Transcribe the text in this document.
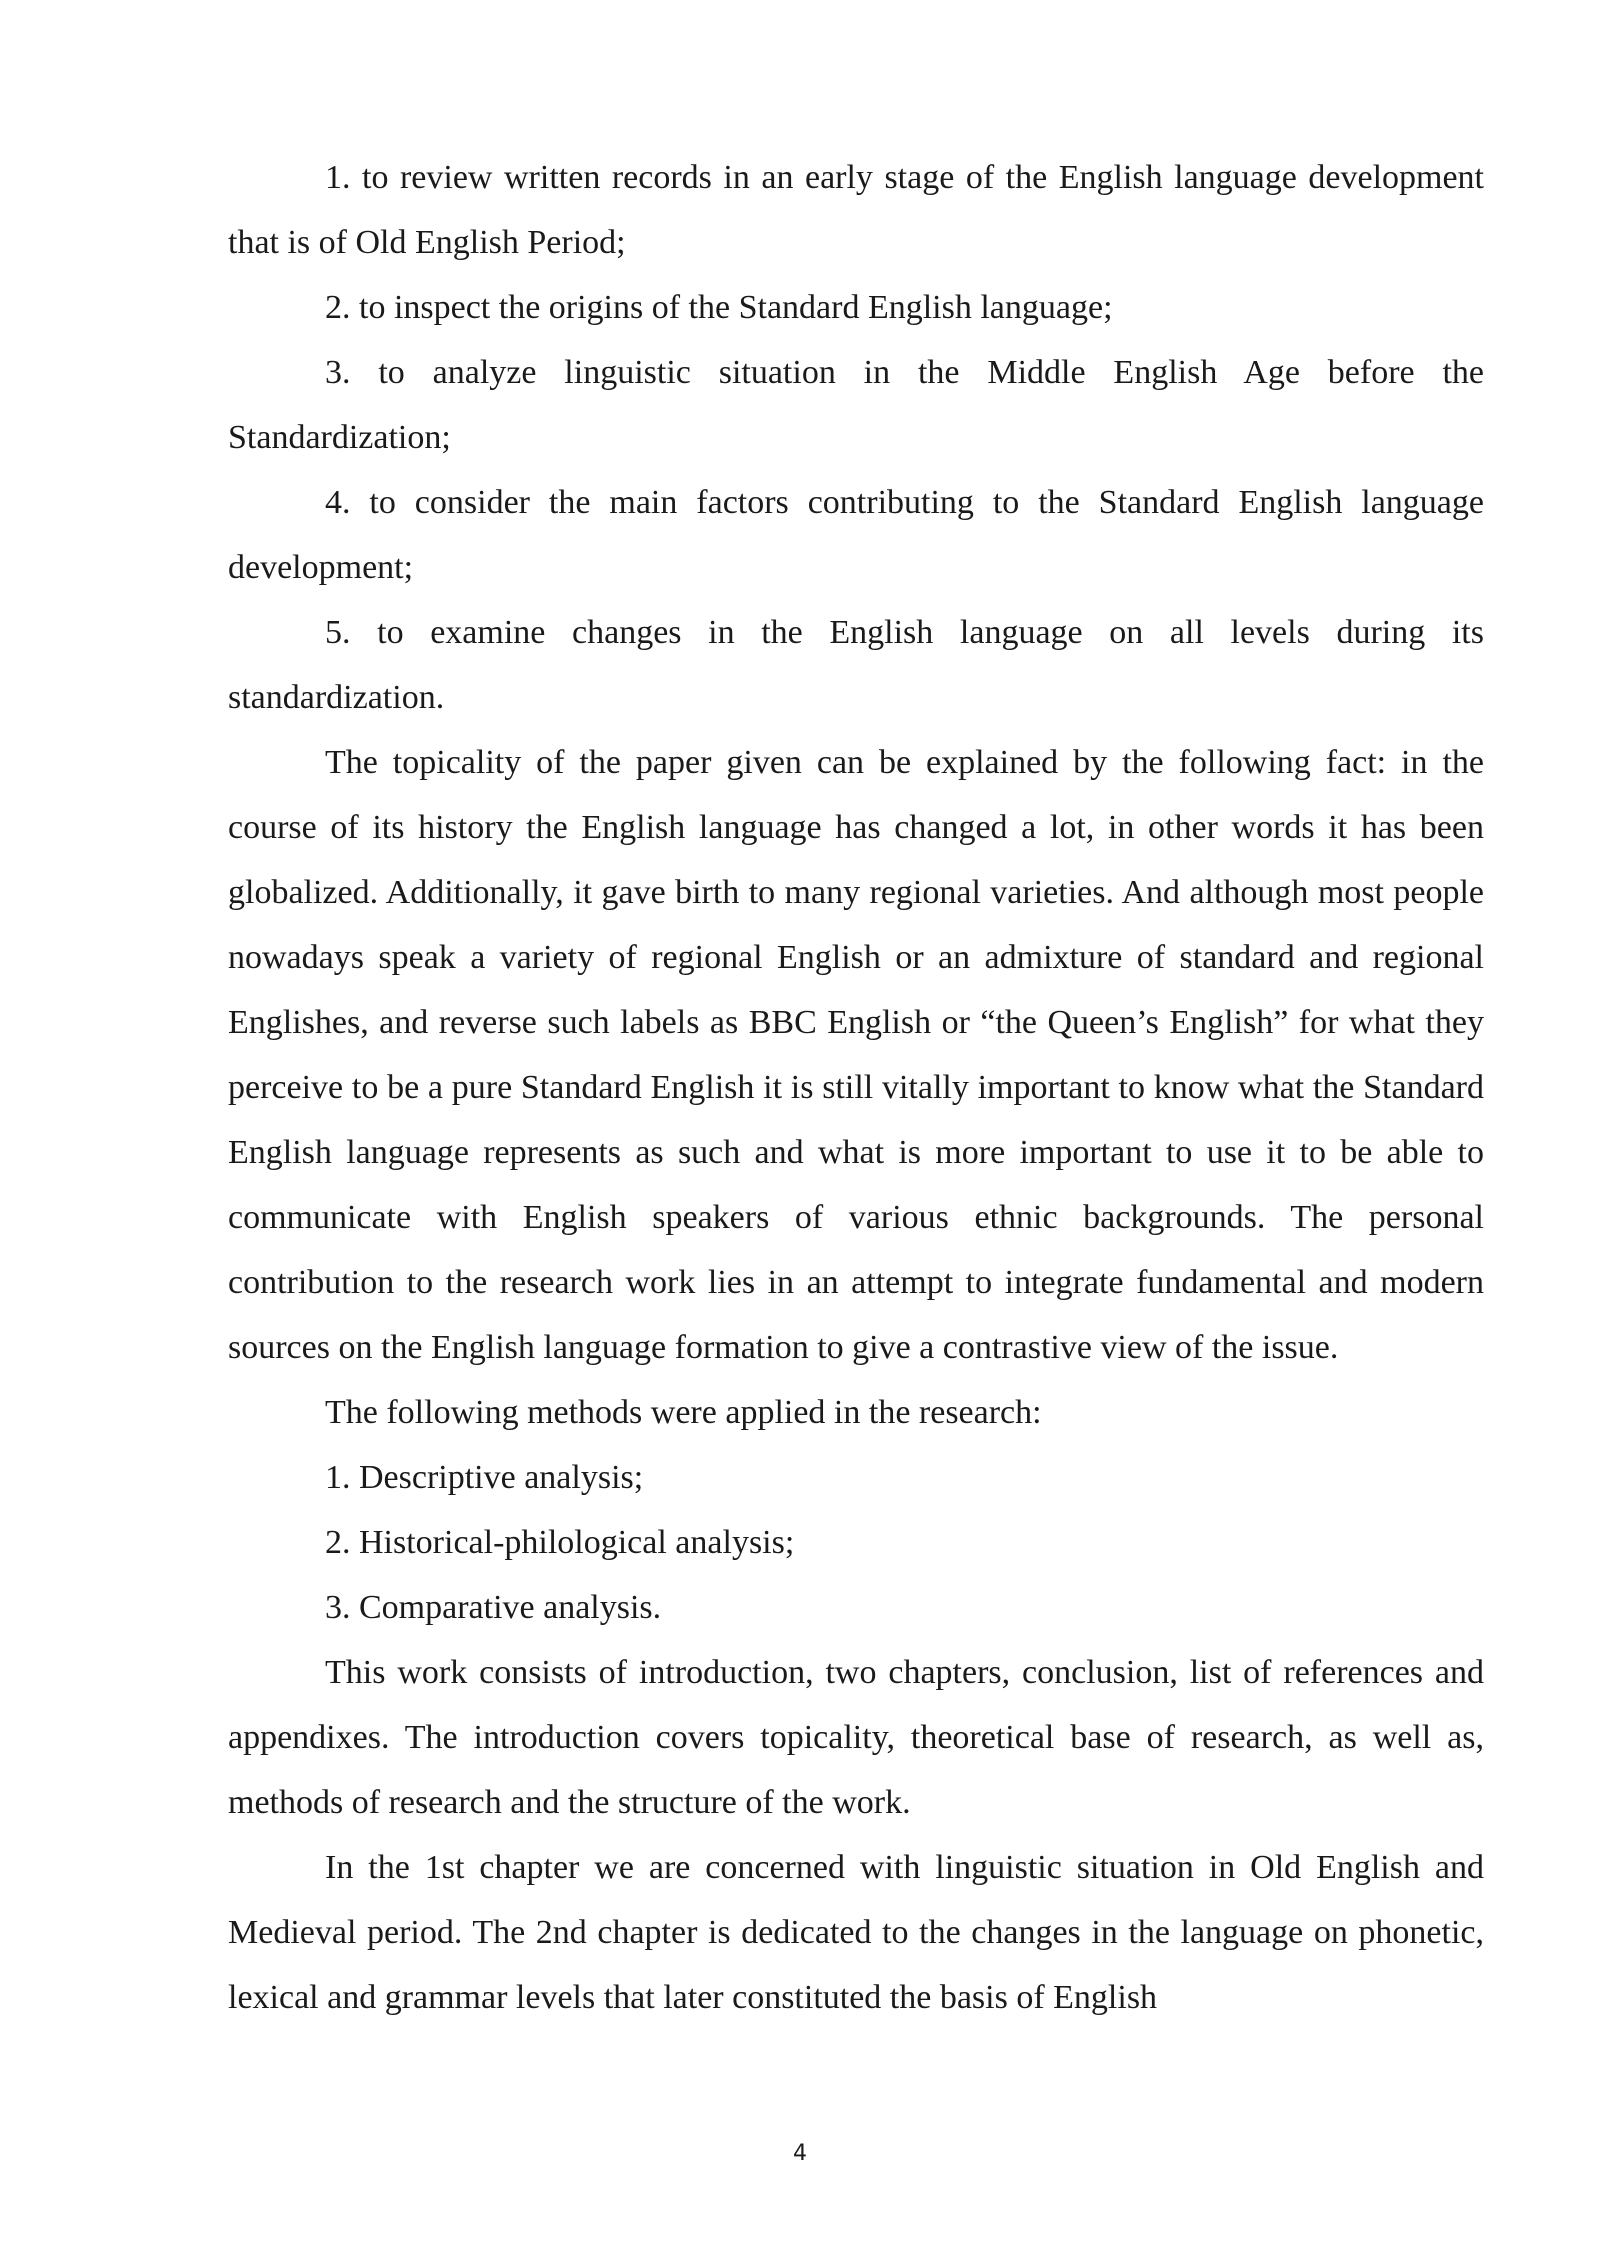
1. to review written records in an early stage of the English language development that is of Old English Period;

2. to inspect the origins of the Standard English language;

3. to analyze linguistic situation in the Middle English Age before the Standardization;

4. to consider the main factors contributing to the Standard English language development;

5. to examine changes in the English language on all levels during its standardization.

The topicality of the paper given can be explained by the following fact: in the course of its history the English language has changed a lot, in other words it has been globalized. Additionally, it gave birth to many regional varieties. And although most people nowadays speak a variety of regional English or an admixture of standard and regional Englishes, and reverse such labels as BBC English or “the Queen’s English” for what they perceive to be a pure Standard English it is still vitally important to know what the Standard English language represents as such and what is more important to use it to be able to communicate with English speakers of various ethnic backgrounds. The personal contribution to the research work lies in an attempt to integrate fundamental and modern sources on the English language formation to give a contrastive view of the issue.

The following methods were applied in the research:

1. Descriptive analysis;

2. Historical-philological analysis;

3. Comparative analysis.

This work consists of introduction, two chapters, conclusion, list of references and appendixes. The introduction covers topicality, theoretical base of research, as well as, methods of research and the structure of the work.

In the 1st chapter we are concerned with linguistic situation in Old English and Medieval period. The 2nd chapter is dedicated to the changes in the language on phonetic, lexical and grammar levels that later constituted the basis of English

4
